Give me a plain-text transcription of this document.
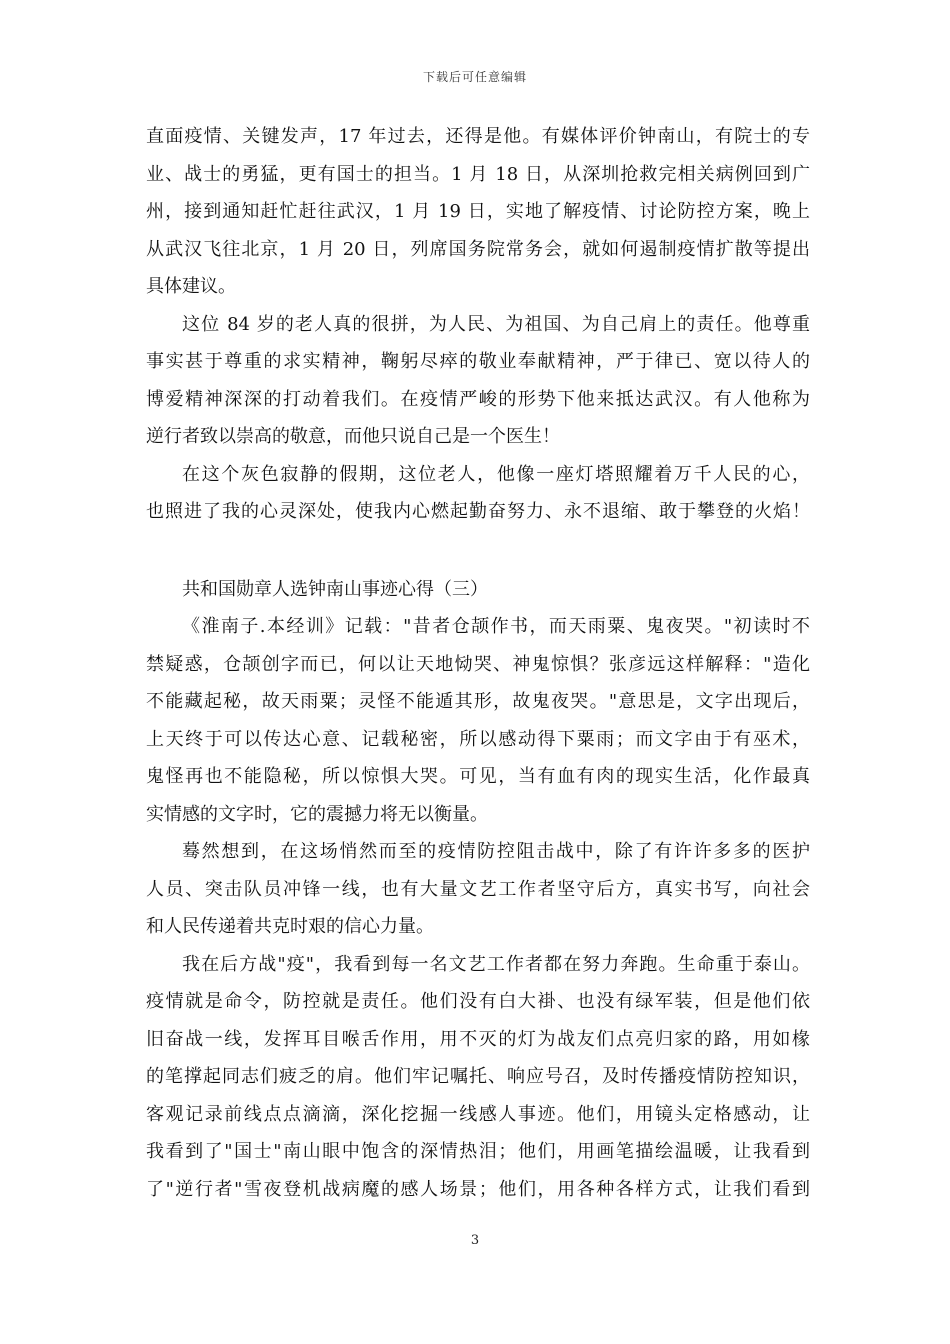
下载后可任意编辑
直面疫情、关键发声，17 年过去，还得是他。有媒体评价钟南山，有院士的专
业、战士的勇猛，更有国士的担当。1 月 18 日，从深圳抢救完相关病例回到广
州，接到通知赶忙赶往武汉，1 月 19 日，实地了解疫情、讨论防控方案，晚上
从武汉飞往北京，1 月 20 日，列席国务院常务会，就如何遏制疫情扩散等提出
具体建议。
这位 84 岁的老人真的很拼，为人民、为祖国、为自己肩上的责任。他尊重
事实甚于尊重的求实精神，鞠躬尽瘁的敬业奉献精神，严于律已、宽以待人的
博爱精神深深的打动着我们。在疫情严峻的形势下他来抵达武汉。有人他称为
逆行者致以崇高的敬意，而他只说自己是一个医生！
在这个灰色寂静的假期，这位老人，他像一座灯塔照耀着万千人民的心，
也照进了我的心灵深处，使我内心燃起勤奋努力、永不退缩、敢于攀登的火焰！
共和国勋章人选钟南山事迹心得（三）
《淮南子.本经训》记载："昔者仓颉作书，而天雨粟、鬼夜哭。"初读时不
禁疑惑，仓颉创字而已，何以让天地恸哭、神鬼惊惧？张彦远这样解释："造化
不能藏起秘，故天雨粟；灵怪不能遁其形，故鬼夜哭。"意思是，文字出现后，
上天终于可以传达心意、记载秘密，所以感动得下粟雨；而文字由于有巫术，
鬼怪再也不能隐秘，所以惊惧大哭。可见，当有血有肉的现实生活，化作最真
实情感的文字时，它的震撼力将无以衡量。
蓦然想到，在这场悄然而至的疫情防控阻击战中，除了有许许多多的医护
人员、突击队员冲锋一线，也有大量文艺工作者坚守后方，真实书写，向社会
和人民传递着共克时艰的信心力量。
我在后方战"疫"，我看到每一名文艺工作者都在努力奔跑。生命重于泰山。
疫情就是命令，防控就是责任。他们没有白大褂、也没有绿军装，但是他们依
旧奋战一线，发挥耳目喉舌作用，用不灭的灯为战友们点亮归家的路，用如椽
的笔撑起同志们疲乏的肩。他们牢记嘱托、响应号召，及时传播疫情防控知识，
客观记录前线点点滴滴，深化挖掘一线感人事迹。他们，用镜头定格感动，让
我看到了"国士"南山眼中饱含的深情热泪；他们，用画笔描绘温暖，让我看到
了"逆行者"雪夜登机战病魔的感人场景；他们，用各种各样方式，让我们看到
3
